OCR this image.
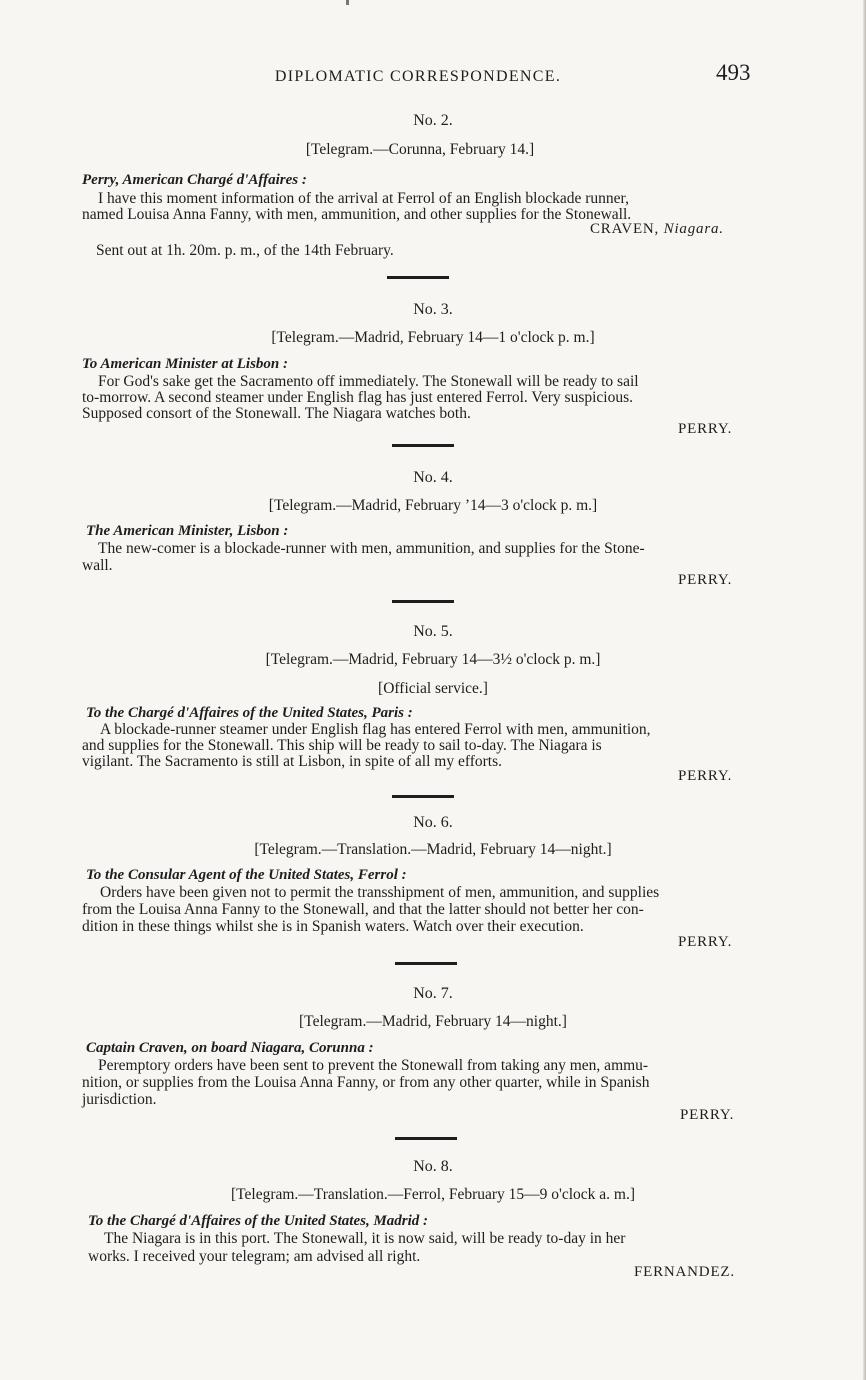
DIPLOMATIC CORRESPONDENCE.	493
No. 2.
[Telegram.—Corunna, February 14.]
Perry, American Chargé d'Affaires :
I have this moment information of the arrival at Ferrol of an English blockade runner,
named Louisa Anna Fanny, with men, ammunition, and other supplies for the Stonewall.
CRAVEN, Niagara.
Sent out at 1h. 20m. p. m., of the 14th February.
No. 3.
[Telegram.—Madrid, February 14—1 o'clock p. m.]
To American Minister at Lisbon :
For God's sake get the Sacramento off immediately. The Stonewall will be ready to sail
to-morrow. A second steamer under English flag has just entered Ferrol. Very suspicious.
Supposed consort of the Stonewall. The Niagara watches both.
PERRY.
No. 4.
[Telegram.—Madrid, February ’14—3 o'clock p. m.]
The American Minister, Lisbon :
The new-comer is a blockade-runner with men, ammunition, and supplies for the Stone-
wall.
PERRY.
No. 5.
[Telegram.—Madrid, February 14—3½ o'clock p. m.]
[Official service.]
To the Chargé d'Affaires of the United States, Paris :
A blockade-runner steamer under English flag has entered Ferrol with men, ammunition,
and supplies for the Stonewall. This ship will be ready to sail to-day. The Niagara is
vigilant. The Sacramento is still at Lisbon, in spite of all my efforts.
PERRY.
No. 6.
[Telegram.—Translation.—Madrid, February 14—night.]
To the Consular Agent of the United States, Ferrol :
Orders have been given not to permit the transshipment of men, ammunition, and supplies
from the Louisa Anna Fanny to the Stonewall, and that the latter should not better her con-
dition in these things whilst she is in Spanish waters. Watch over their execution.
PERRY.
No. 7.
[Telegram.—Madrid, February 14—night.]
Captain Craven, on board Niagara, Corunna :
Peremptory orders have been sent to prevent the Stonewall from taking any men, ammu-
nition, or supplies from the Louisa Anna Fanny, or from any other quarter, while in Spanish
jurisdiction.
PERRY.
No. 8.
[Telegram.—Translation.—Ferrol, February 15—9 o'clock a. m.]
To the Chargé d'Affaires of the United States, Madrid :
The Niagara is in this port. The Stonewall, it is now said, will be ready to-day in her
works. I received your telegram; am advised all right.
FERNANDEZ.
